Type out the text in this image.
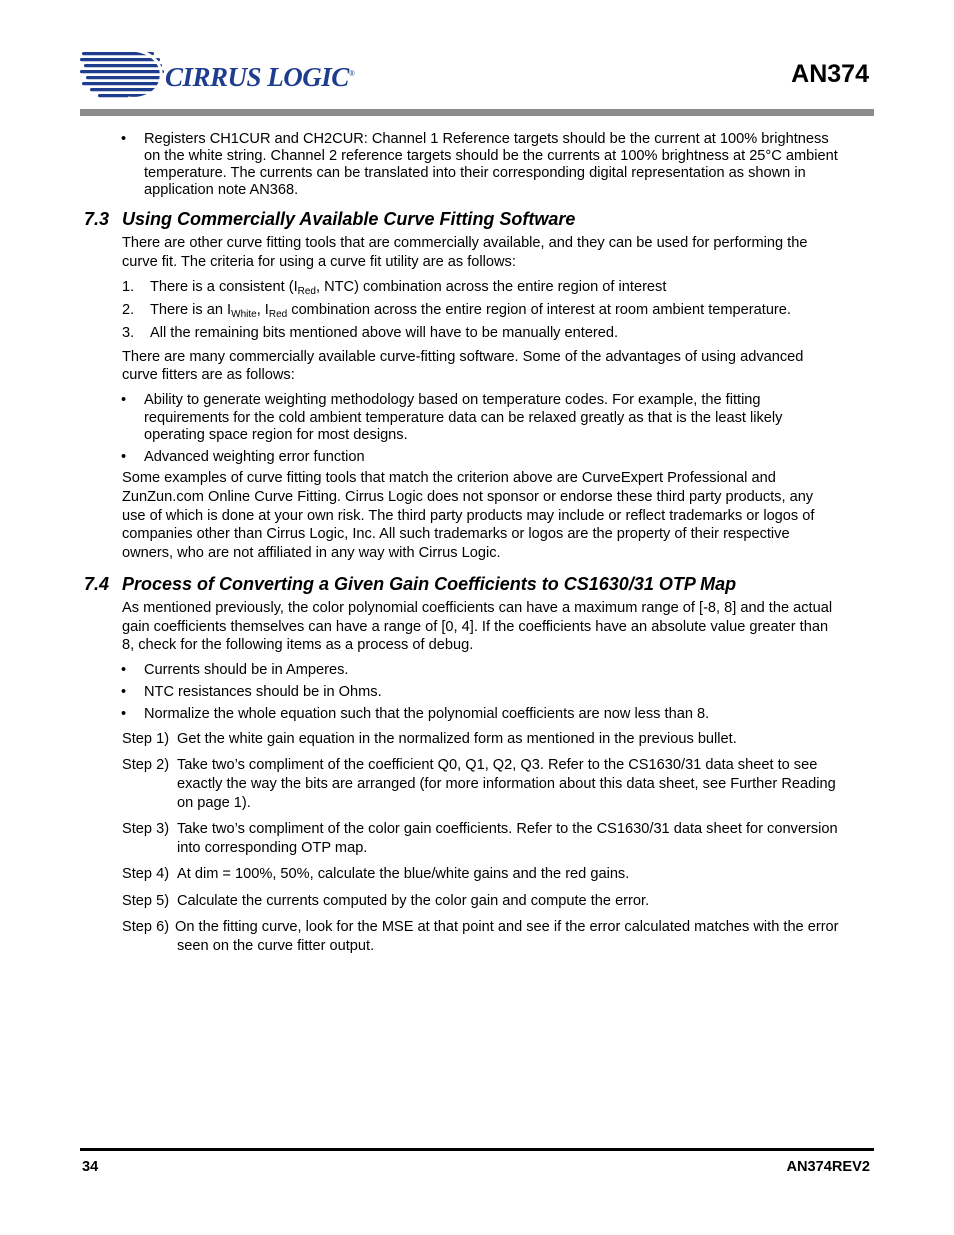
CIRRUS LOGIC®	AN374
• Registers CH1CUR and CH2CUR: Channel 1 Reference targets should be the current at 100% brightness
on the white string. Channel 2 reference targets should be the currents at 100% brightness at 25°C ambient
temperature. The currents can be translated into their corresponding digital representation as shown in
application note AN368.
7.3 Using Commercially Available Curve Fitting Software
There are other curve fitting tools that are commercially available, and they can be used for performing the
curve fit. The criteria for using a curve fit utility are as follows:
1. There is a consistent ($I_{Red}$, NTC) combination across the entire region of interest
2. There is an $I_{White}$, $I_{Red}$ combination across the entire region of interest at room ambient temperature.
3. All the remaining bits mentioned above will have to be manually entered.
There are many commercially available curve-fitting software. Some of the advantages of using advanced
curve fitters are as follows:
• Ability to generate weighting methodology based on temperature codes. For example, the fitting
requirements for the cold ambient temperature data can be relaxed greatly as that is the least likely
operating space region for most designs.
• Advanced weighting error function
Some examples of curve fitting tools that match the criterion above are CurveExpert Professional and
ZunZun.com Online Curve Fitting. Cirrus Logic does not sponsor or endorse these third party products, any
use of which is done at your own risk. The third party products may include or reflect trademarks or logos of
companies other than Cirrus Logic, Inc. All such trademarks or logos are the property of their respective
owners, who are not affiliated in any way with Cirrus Logic.
7.4 Process of Converting a Given Gain Coefficients to CS1630/31 OTP Map
As mentioned previously, the color polynomial coefficients can have a maximum range of [-8, 8] and the actual
gain coefficients themselves can have a range of [0, 4]. If the coefficients have an absolute value greater than
8, check for the following items as a process of debug.
• Currents should be in Amperes.
• NTC resistances should be in Ohms.
• Normalize the whole equation such that the polynomial coefficients are now less than 8.
Step 1) Get the white gain equation in the normalized form as mentioned in the previous bullet.
Step 2) Take two’s compliment of the coefficient Q0, Q1, Q2, Q3. Refer to the CS1630/31 data sheet to see
exactly the way the bits are arranged (for more information about this data sheet, see Further Reading
on page 1).
Step 3) Take two’s compliment of the color gain coefficients. Refer to the CS1630/31 data sheet for conversion
into corresponding OTP map.
Step 4) At dim = 100%, 50%, calculate the blue/white gains and the red gains.
Step 5) Calculate the currents computed by the color gain and compute the error.
Step 6) On the fitting curve, look for the MSE at that point and see if the error calculated matches with the error
seen on the curve fitter output.
34	AN374REV2
